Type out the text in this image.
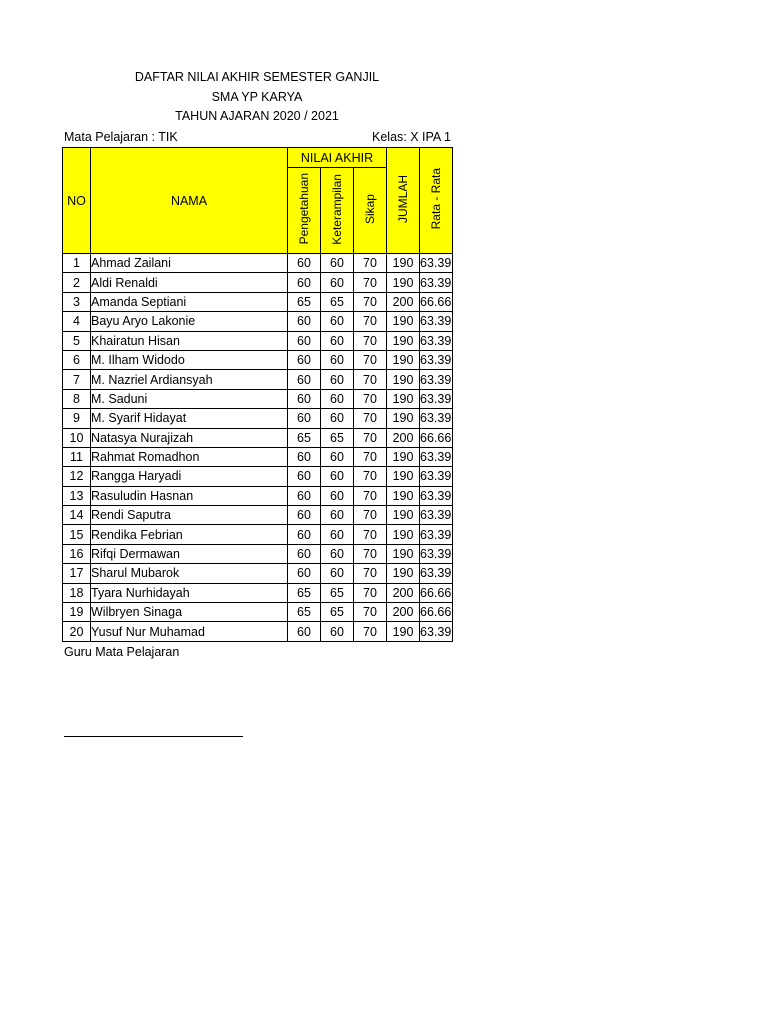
DAFTAR NILAI AKHIR SEMESTER GANJIL
SMA YP KARYA
TAHUN AJARAN 2020 / 2021
Mata Pelajaran : TIK	Kelas: X IPA 1
NO	NAMA	NILAI AKHIR			JUMLAH	Rata - Rata
		Pengetahuan	Keterampilan	Sikap		
1	Ahmad Zailani	60	60	70	190	63.39
2	Aldi Renaldi	60	60	70	190	63.39
3	Amanda Septiani	65	65	70	200	66.66
4	Bayu Aryo Lakonie	60	60	70	190	63.39
5	Khairatun Hisan	60	60	70	190	63.39
6	M. Ilham Widodo	60	60	70	190	63.39
7	M. Nazriel Ardiansyah	60	60	70	190	63.39
8	M. Saduni	60	60	70	190	63.39
9	M. Syarif Hidayat	60	60	70	190	63.39
10	Natasya Nurajizah	65	65	70	200	66.66
11	Rahmat Romadhon	60	60	70	190	63.39
12	Rangga Haryadi	60	60	70	190	63.39
13	Rasuludin Hasnan	60	60	70	190	63.39
14	Rendi Saputra	60	60	70	190	63.39
15	Rendika Febrian	60	60	70	190	63.39
16	Rifqi Dermawan	60	60	70	190	63.39
17	Sharul Mubarok	60	60	70	190	63.39
18	Tyara Nurhidayah	65	65	70	200	66.66
19	Wilbryen Sinaga	65	65	70	200	66.66
20	Yusuf Nur Muhamad	60	60	70	190	63.39
Guru Mata Pelajaran
